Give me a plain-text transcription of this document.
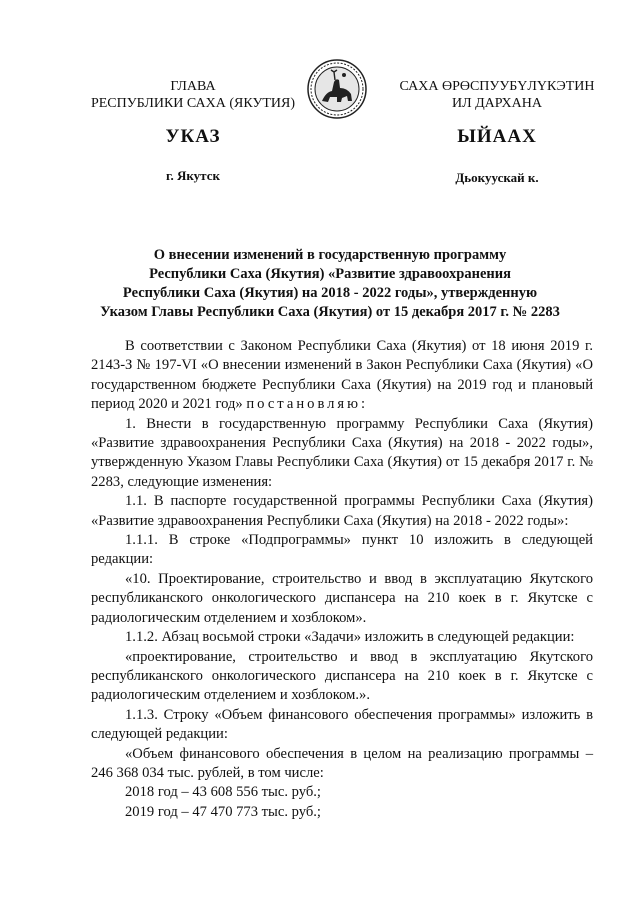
ГЛАВА
РЕСПУБЛИКИ САХА (ЯКУТИЯ)
САХА ӨРӨСПУУБҮЛҮКЭТИН
ИЛ ДАРХАНА
УКАЗ	ЫЙААХ
г. Якутск	Дьокуускай к.
О внесении изменений в государственную программу
Республики Саха (Якутия) «Развитие здравоохранения
Республики Саха (Якутия) на 2018 - 2022 годы», утвержденную
Указом Главы Республики Саха (Якутия) от 15 декабря 2017 г. № 2283

В соответствии с Законом Республики Саха (Якутия) от 18 июня 2019 г. 2143-З № 197-VI «О внесении изменений в Закон Республики Саха (Якутия) «О государственном бюджете Республики Саха (Якутия) на 2019 год и плановый период 2020 и 2021 год» постановляю:

1. Внести в государственную программу Республики Саха (Якутия) «Развитие здравоохранения Республики Саха (Якутия) на 2018 - 2022 годы», утвержденную Указом Главы Республики Саха (Якутия) от 15 декабря 2017 г. № 2283, следующие изменения:

1.1. В паспорте государственной программы Республики Саха (Якутия) «Развитие здравоохранения Республики Саха (Якутия) на 2018 - 2022 годы»:

1.1.1. В строке «Подпрограммы» пункт 10 изложить в следующей редакции:

«10. Проектирование, строительство и ввод в эксплуатацию Якутского республиканского онкологического диспансера на 210 коек в г. Якутске с радиологическим отделением и хозблоком».

1.1.2. Абзац восьмой строки «Задачи» изложить в следующей редакции:

«проектирование, строительство и ввод в эксплуатацию Якутского республиканского онкологического диспансера на 210 коек в г. Якутске с радиологическим отделением и хозблоком.».

1.1.3. Строку «Объем финансового обеспечения программы» изложить в следующей редакции:

«Объем финансового обеспечения в целом на реализацию программы – 246 368 034 тыс. рублей, в том числе:

2018 год – 43 608 556 тыс. руб.;

2019 год – 47 470 773 тыс. руб.;
